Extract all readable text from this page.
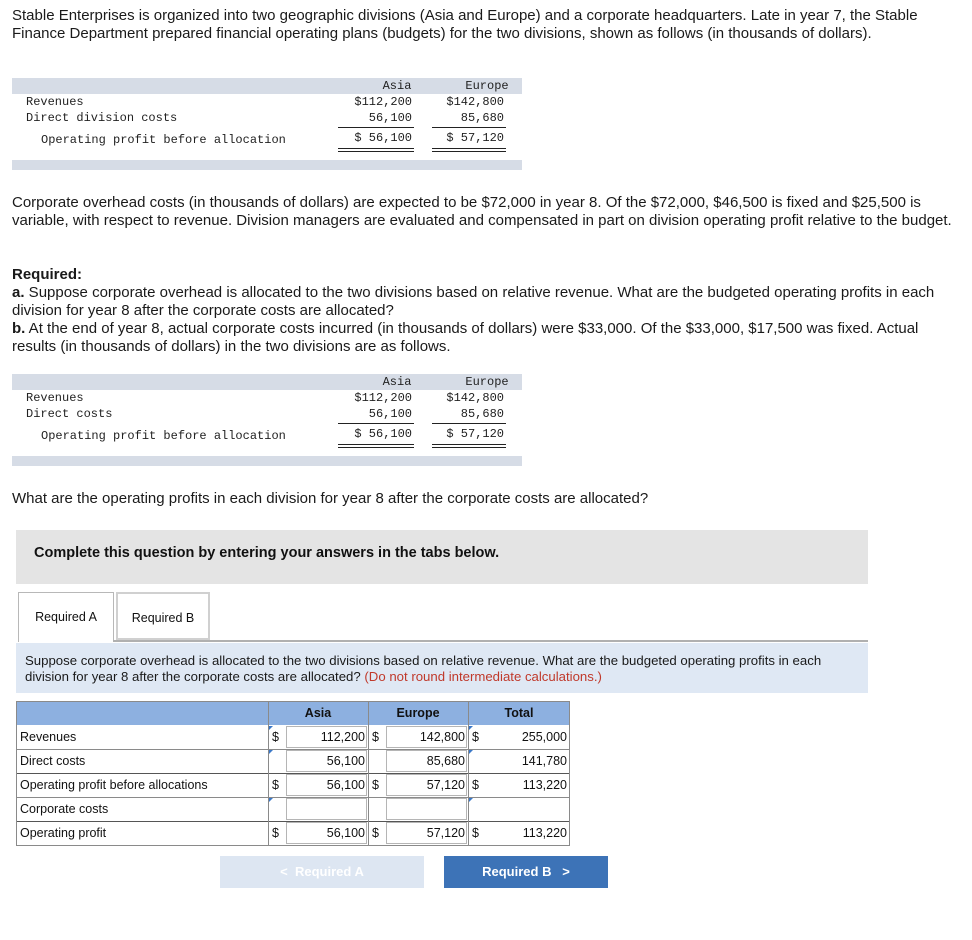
Stable Enterprises is organized into two geographic divisions (Asia and Europe) and a corporate headquarters. Late in year 7, the Stable Finance Department prepared financial operating plans (budgets) for the two divisions, shown as follows (in thousands of dollars).
Asia	Europe
Revenues	$112,200	$142,800
Direct division costs	56,100	85,680
Operating profit before allocation	$ 56,100	$ 57,120
Corporate overhead costs (in thousands of dollars) are expected to be $72,000 in year 8. Of the $72,000, $46,500 is fixed and $25,500 is variable, with respect to revenue. Division managers are evaluated and compensated in part on division operating profit relative to the budget.
Required:
a. Suppose corporate overhead is allocated to the two divisions based on relative revenue. What are the budgeted operating profits in each division for year 8 after the corporate costs are allocated?
b. At the end of year 8, actual corporate costs incurred (in thousands of dollars) were $33,000. Of the $33,000, $17,500 was fixed. Actual results (in thousands of dollars) in the two divisions are as follows.
Asia	Europe
Revenues	$112,200	$142,800
Direct costs	56,100	85,680
Operating profit before allocation	$ 56,100	$ 57,120
What are the operating profits in each division for year 8 after the corporate costs are allocated?
Complete this question by entering your answers in the tabs below.
Required A	Required B
Suppose corporate overhead is allocated to the two divisions based on relative revenue. What are the budgeted operating profits in each division for year 8 after the corporate costs are allocated? (Do not round intermediate calculations.)
Asia	Europe	Total
Revenues	$	112,200 $	142,800 $	255,000
Direct costs	56,100	85,680	141,780
Operating profit before allocations	$	56,100 $	57,120 $	113,220
Corporate costs
Operating profit	$	56,100 $	57,120 $	113,220
<  Required A	Required B   >
